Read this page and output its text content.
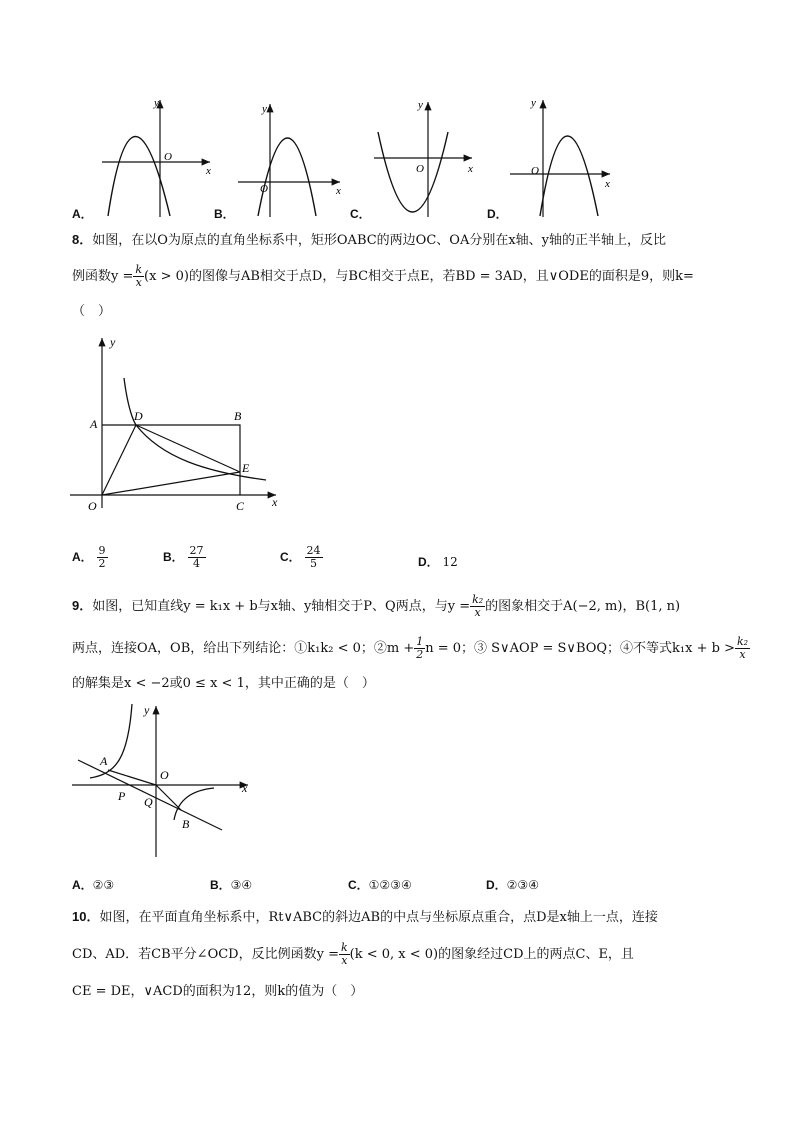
y
x
O
y
x
O
y
x
O
y
x
O
A．	B．	C．	D．
8．如图，在以O为原点的直角坐标系中，矩形OABC的两边OC、OA分别在x轴、y轴的正半轴上，反比
例函数$y = \frac{k}{x} (x > 0)$的图像与AB相交于点D，与BC相交于点E，若BD = 3AD，且∨ODE的面积是9，则k=
（　）
y
x
O
A
B
C
D
E
A． $\frac{9}{2}$	B． $\frac{27}{4}$	C． $\frac{24}{5}$	D． 12
9．如图，已知直线y = k₁x + b与x轴、y轴相交于P、Q两点，与$y = \frac{\text{k₂}}{x}$ 的图象相交于A(−2, m)，B(1, n)
两点，连接OA，OB，给出下列结论：①k₁k₂ < 0；②m + $\frac{1}{2}$ n = 0；③ S∨AOP = S∨BOQ；④不等式$k_1x + b > \frac{\text{k₂}}{x}$
的解集是x < −2或0 ≤ x < 1，其中正确的是（　）
y
x
O
A
B
P Q
A．②③	B．③④	C．①②③④	D．②③④
10．如图，在平面直角坐标系中，Rt∨ABC的斜边AB的中点与坐标原点重合，点D是x轴上一点，连接
CD、AD．若CB平分∠OCD，反比例函数$y = \frac{k}{x} (k < 0$, x < 0)的图象经过CD上的两点C、E，且
CE = DE，∨ACD的面积为12，则k的值为（　）
